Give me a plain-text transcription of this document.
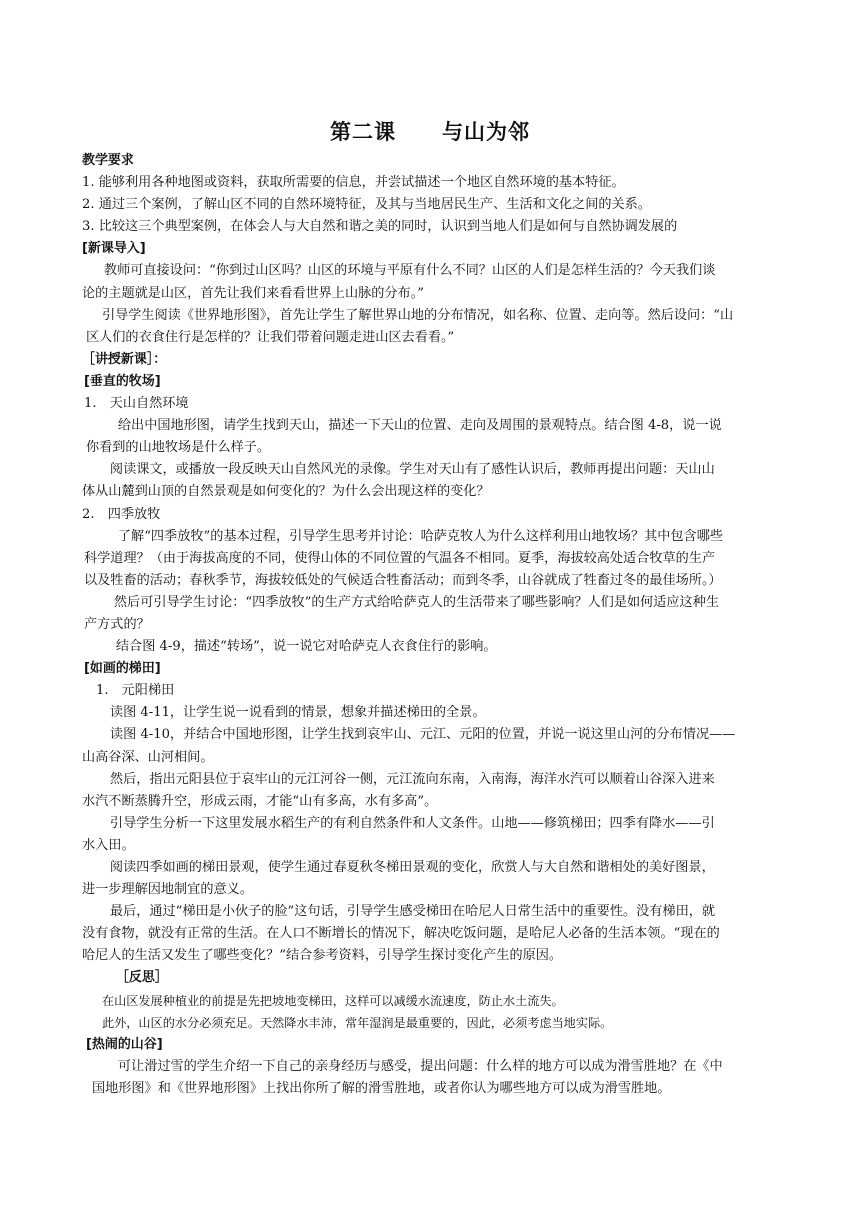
第二课 与山为邻
教学要求
1. 能够利用各种地图或资料，获取所需要的信息，并尝试描述一个地区自然环境的基本特征。
2. 通过三个案例，了解山区不同的自然环境特征，及其与当地居民生产、生活和文化之间的关系。
3. 比较这三个典型案例，在体会人与大自然和谐之美的同时，认识到当地人们是如何与自然协调发展的
[新课导入]
教师可直接设问：“你到过山区吗？山区的环境与平原有什么不同？山区的人们是怎样生活的？今天我们谈
论的主题就是山区，首先让我们来看看世界上山脉的分布。”
引导学生阅读《世界地形图》，首先让学生了解世界山地的分布情况，如名称、位置、走向等。然后设问：“山
区人们的衣食住行是怎样的？让我们带着问题走进山区去看看。”
［讲授新课］：
[垂直的牧场]
1.　天山自然环境
给出中国地形图，请学生找到天山，描述一下天山的位置、走向及周围的景观特点。结合图 4-8，说一说
你看到的山地牧场是什么样子。
阅读课文，或播放一段反映天山自然风光的录像。学生对天山有了感性认识后，教师再提出问题：天山山
体从山麓到山顶的自然景观是如何变化的？为什么会出现这样的变化？
2.　四季放牧
了解“四季放牧”的基本过程，引导学生思考并讨论：哈萨克牧人为什么这样利用山地牧场？其中包含哪些
科学道理？（由于海拔高度的不同，使得山体的不同位置的气温各不相同。夏季，海拔较高处适合牧草的生产
以及牲畜的活动；春秋季节，海拔较低处的气候适合牲畜活动；而到冬季，山谷就成了牲畜过冬的最佳场所。）
然后可引导学生讨论：“四季放牧”的生产方式给哈萨克人的生活带来了哪些影响？人们是如何适应这种生
产方式的？
结合图 4-9，描述“转场”，说一说它对哈萨克人衣食住行的影响。
[如画的梯田]
1.　元阳梯田
读图 4-11，让学生说一说看到的情景，想象并描述梯田的全景。
读图 4-10，并结合中国地形图，让学生找到哀牢山、元江、元阳的位置，并说一说这里山河的分布情况——
山高谷深、山河相间。
然后，指出元阳县位于哀牢山的元江河谷一侧，元江流向东南，入南海，海洋水汽可以顺着山谷深入进来
水汽不断蒸腾升空，形成云雨，才能“山有多高，水有多高”。
引导学生分析一下这里发展水稻生产的有利自然条件和人文条件。山地——修筑梯田；四季有降水——引
水入田。
阅读四季如画的梯田景观，使学生通过春夏秋冬梯田景观的变化，欣赏人与大自然和谐相处的美好图景，
进一步理解因地制宜的意义。
最后，通过“梯田是小伙子的脸”这句话，引导学生感受梯田在哈尼人日常生活中的重要性。没有梯田，就
没有食物，就没有正常的生活。在人口不断增长的情况下，解决吃饭问题，是哈尼人必备的生活本领。“现在的
哈尼人的生活又发生了哪些变化？”结合参考资料，引导学生探讨变化产生的原因。
［反思］
在山区发展种植业的前提是先把坡地变梯田，这样可以减缓水流速度，防止水土流失。
此外，山区的水分必须充足。天然降水丰沛，常年湿润是最重要的，因此，必须考虑当地实际。
[热闹的山谷]
可让滑过雪的学生介绍一下自己的亲身经历与感受，提出问题：什么样的地方可以成为滑雪胜地？在《中
国地形图》和《世界地形图》上找出你所了解的滑雪胜地，或者你认为哪些地方可以成为滑雪胜地。
